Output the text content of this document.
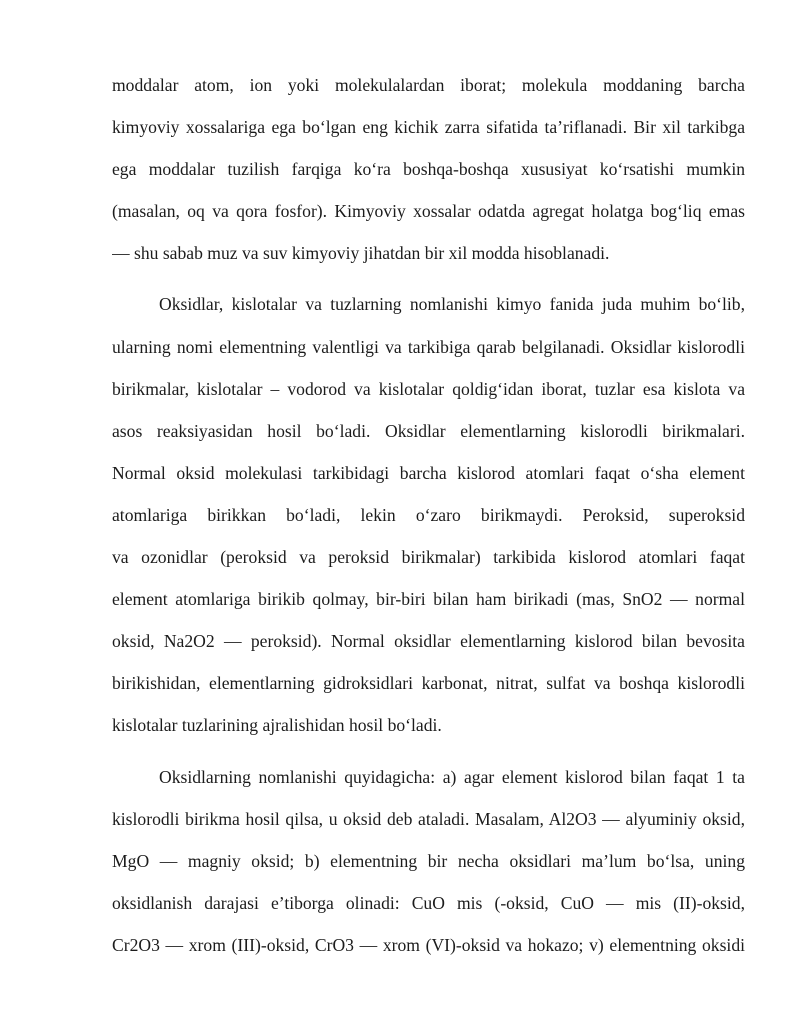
moddalar atom, ion yoki molekulalardan iborat; molekula moddaning barcha
kimyoviy xossalariga ega bo‘lgan eng kichik zarra sifatida ta’riflanadi. Bir xil tarkibga
ega moddalar tuzilish farqiga ko‘ra boshqa-boshqa xususiyat ko‘rsatishi mumkin
(masalan, oq va qora fosfor). Kimyoviy xossalar odatda agregat holatga bog‘liq emas
— shu sabab muz va suv kimyoviy jihatdan bir xil modda hisoblanadi.
Oksidlar, kislotalar va tuzlarning nomlanishi kimyo fanida juda muhim bo‘lib,
ularning nomi elementning valentligi va tarkibiga qarab belgilanadi. Oksidlar kislorodli
birikmalar, kislotalar – vodorod va kislotalar qoldig‘idan iborat, tuzlar esa kislota va
asos reaksiyasidan hosil bo‘ladi. Oksidlar elementlarning kislorodli birikmalari.
Normal oksid molekulasi tarkibidagi barcha kislorod atomlari faqat o‘sha element
atomlariga birikkan bo‘ladi, lekin o‘zaro birikmaydi. Peroksid, superoksid
va ozonidlar (peroksid va peroksid birikmalar) tarkibida kislorod atomlari faqat
element atomlariga birikib qolmay, bir-biri bilan ham birikadi (mas, SnO2 — normal
oksid, Na2O2 — peroksid). Normal oksidlar elementlarning kislorod bilan bevosita
birikishidan, elementlarning gidroksidlari karbonat, nitrat, sulfat va boshqa kislorodli
kislotalar tuzlarining ajralishidan hosil bo‘ladi.
Oksidlarning nomlanishi quyidagicha: a) agar element kislorod bilan faqat 1 ta
kislorodli birikma hosil qilsa, u oksid deb ataladi. Masalam, Al2O3 — alyuminiy oksid,
MgO — magniy oksid; b) elementning bir necha oksidlari ma’lum bo‘lsa, uning
oksidlanish darajasi e’tiborga olinadi: CuO mis (-oksid, CuO — mis (II)-oksid,
Cr2O3 — xrom (III)-oksid, CrO3 — xrom (VI)-oksid va hokazo; v) elementning oksidi
